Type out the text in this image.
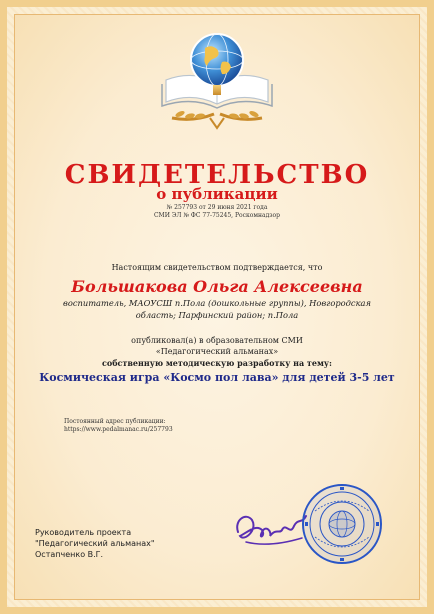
СВИДЕТЕЛЬСТВО
о публикации
№ 257793 от 29 июня 2021 года
СМИ ЭЛ № ФС 77-75245, Роскомнадзор
Настоящим свидетельством подтверждается, что
Большакова Ольга Алексеевна
воспитатель, МАОУСШ п.Пола (дошкольные группы), Новгородская область; Парфинский район; п.Пола
опубликовал(а) в образовательном СМИ
«Педагогический альманах»
собственную методическую разработку на тему:
Космическая игра «Космо пол лава» для детей 3-5 лет
Постоянный адрес публикации:
https://www.pedalmanac.ru/257793
Руководитель проекта
"Педагогический альманах"
Остапченко В.Г.
